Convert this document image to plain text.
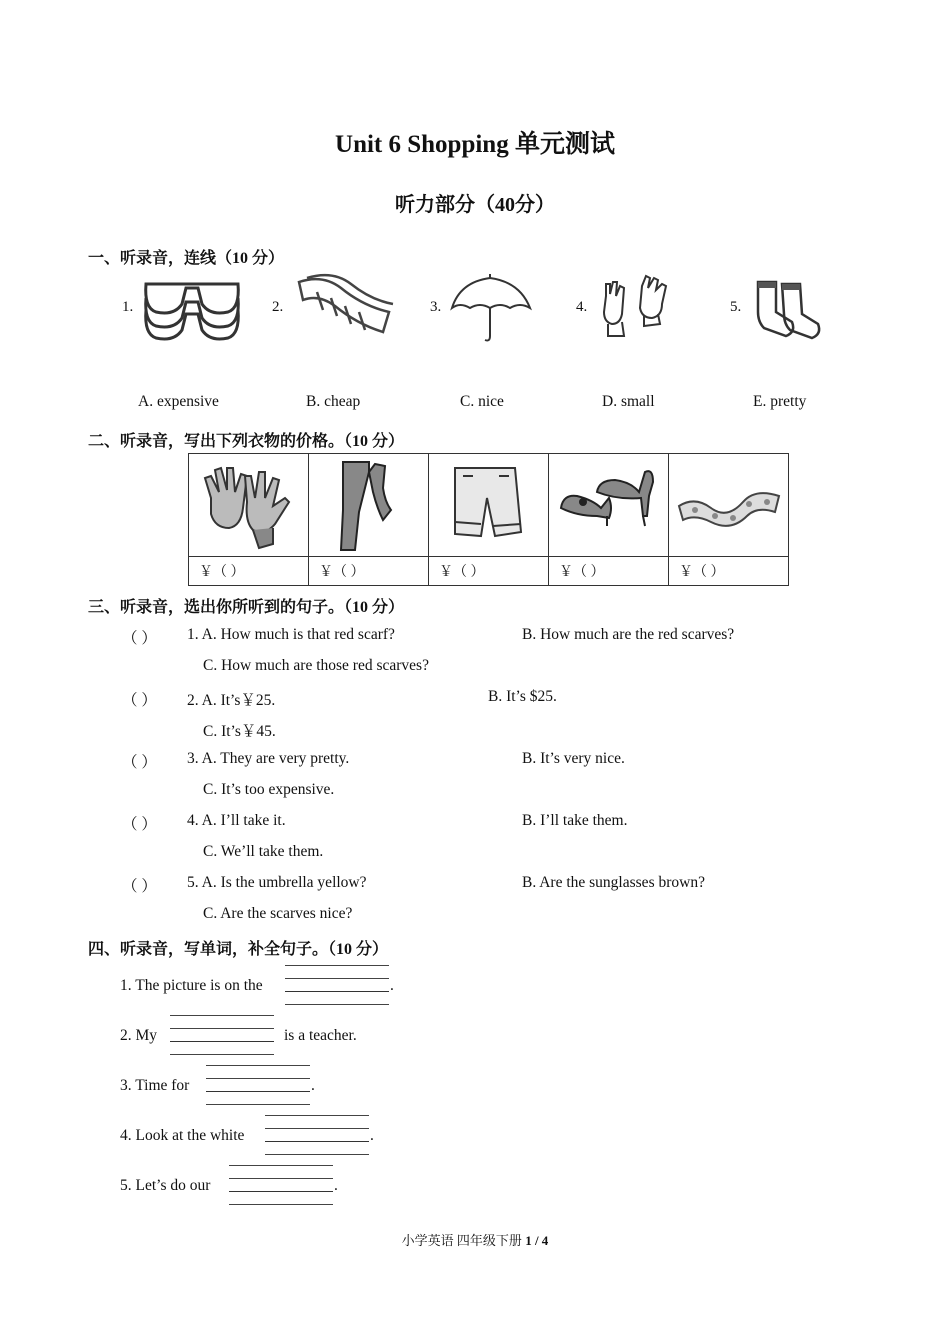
Unit 6 Shopping 单元测试
听力部分（40分）
一、听录音，连线（10 分）
1.	2.	3.	4.	5.
A. expensive	B. cheap	C. nice	D. small	E. pretty
二、听录音，写出下列衣物的价格。（10 分）

￥（ ）	￥（ ）	￥（ ）	￥（ ）	￥（ ）
三、听录音，选出你所听到的句子。（10 分）
（ ） 1. A. How much is that red scarf?	B. How much are the red scarves?
C. How much are those red scarves?
（ ） 2. A. It’s￥25.	B. It’s $25.
C. It’s￥45.
（ ） 3. A. They are very pretty.	B. It’s very nice.
C. It’s too expensive.
（ ） 4. A. I’ll take it.	B. I’ll take them.
C. We’ll take them.
（ ） 5. A. Is the umbrella yellow?	B. Are the sunglasses brown?
C. Are the scarves nice?
四、听录音，写单词，补全句子。（10 分）
1. The picture is on the	.
2. My	is a teacher.
3. Time for	.
4. Look at the white	.
5. Let’s do our	.
小学英语 四年级下册 1 / 4
